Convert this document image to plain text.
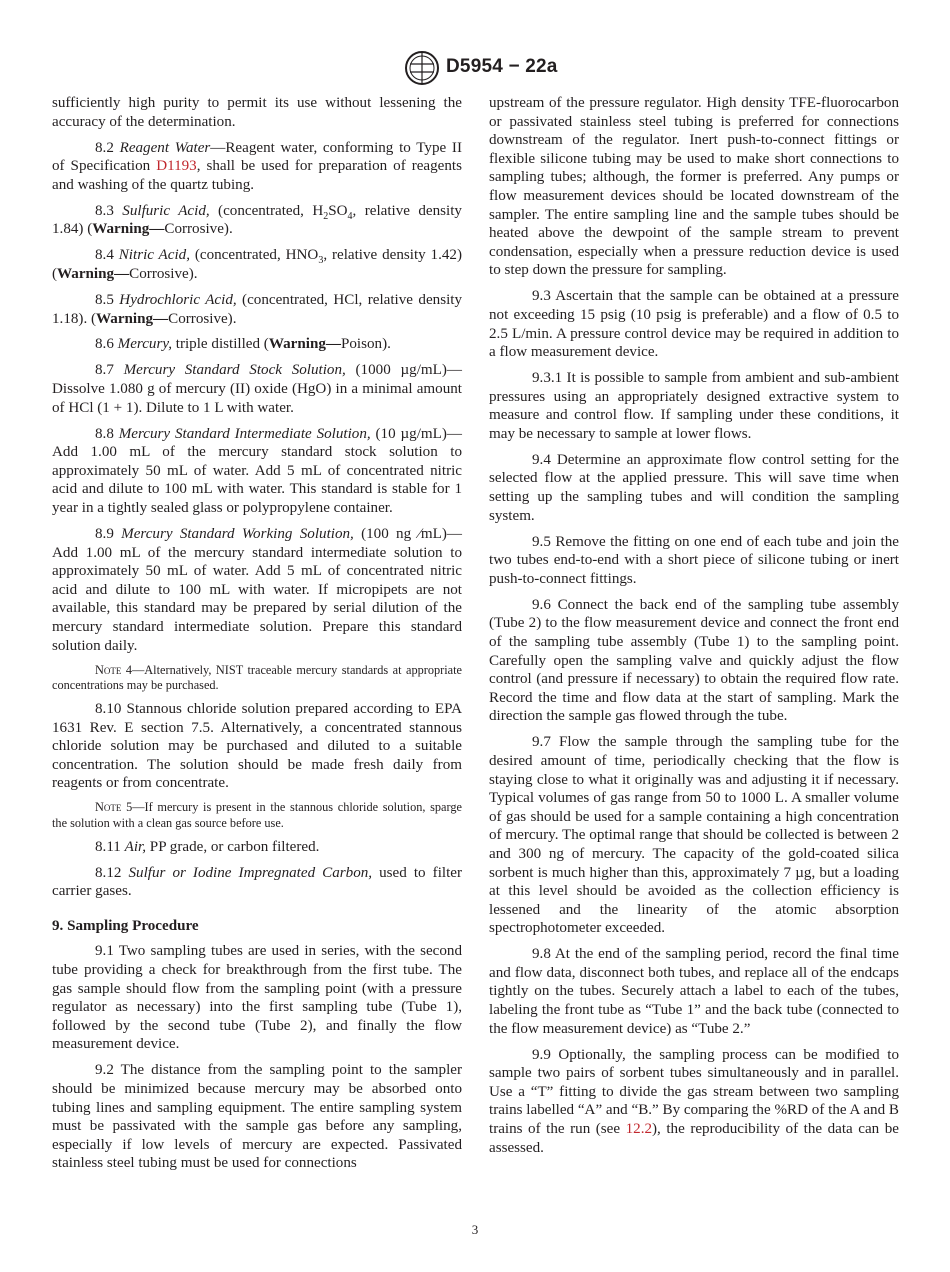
D5954 − 22a

sufficiently high purity to permit its use without lessening the accuracy of the determination.

8.2 Reagent Water—Reagent water, conforming to Type II of Specification D1193, shall be used for preparation of reagents and washing of the quartz tubing.

8.3 Sulfuric Acid, (concentrated, $H_2SO_4$, relative density 1.84) (Warning—Corrosive).

8.4 Nitric Acid, (concentrated, $HNO_3$, relative density 1.42) (Warning—Corrosive).

8.5 Hydrochloric Acid, (concentrated, HCl, relative density 1.18). (Warning—Corrosive).

8.6 Mercury, triple distilled (Warning—Poison).

8.7 Mercury Standard Stock Solution, (1000 µg/mL)—Dissolve 1.080 g of mercury (II) oxide (HgO) in a minimal amount of HCl (1 + 1). Dilute to 1 L with water.

8.8 Mercury Standard Intermediate Solution, (10 µg/mL)—Add 1.00 mL of the mercury standard stock solution to approximately 50 mL of water. Add 5 mL of concentrated nitric acid and dilute to 100 mL with water. This standard is stable for 1 year in a tightly sealed glass or polypropylene container.

8.9 Mercury Standard Working Solution, (100 ng ⁄mL)—Add 1.00 mL of the mercury standard intermediate solution to approximately 50 mL of water. Add 5 mL of concentrated nitric acid and dilute to 100 mL with water. If micropipets are not available, this standard may be prepared by serial dilution of the mercury standard intermediate solution. Prepare this standard solution daily.

Note 4—Alternatively, NIST traceable mercury standards at appropriate concentrations may be purchased.

8.10 Stannous chloride solution prepared according to EPA 1631 Rev. E section 7.5. Alternatively, a concentrated stannous chloride solution may be purchased and diluted to a suitable concentration. The solution should be made fresh daily from reagents or from concentrate.

Note 5—If mercury is present in the stannous chloride solution, sparge the solution with a clean gas source before use.

8.11 Air, PP grade, or carbon filtered.

8.12 Sulfur or Iodine Impregnated Carbon, used to filter carrier gases.

9. Sampling Procedure

9.1 Two sampling tubes are used in series, with the second tube providing a check for breakthrough from the first tube. The gas sample should flow from the sampling point (with a pressure regulator as necessary) into the first sampling tube (Tube 1), followed by the second tube (Tube 2), and finally the flow measurement device.

9.2 The distance from the sampling point to the sampler should be minimized because mercury may be absorbed onto tubing lines and sampling equipment. The entire sampling system must be passivated with the sample gas before any sampling, especially if low levels of mercury are expected. Passivated stainless steel tubing must be used for connections

upstream of the pressure regulator. High density TFE-fluorocarbon or passivated stainless steel tubing is preferred for connections downstream of the regulator. Inert push-to-connect fittings or flexible silicone tubing may be used to make short connections to sampling tubes; although, the former is preferred. Any pumps or flow measurement devices should be located downstream of the sampler. The entire sampling line and the sample tubes should be heated above the dewpoint of the sample stream to prevent condensation, especially when a pressure reduction device is used to step down the pressure for sampling.

9.3 Ascertain that the sample can be obtained at a pressure not exceeding 15 psig (10 psig is preferable) and a flow of 0.5 to 2.5 L/min. A pressure control device may be required in addition to a flow measurement device.

9.3.1 It is possible to sample from ambient and sub-ambient pressures using an appropriately designed extractive system to measure and control flow. If sampling under these conditions, it may be necessary to sample at lower flows.

9.4 Determine an approximate flow control setting for the selected flow at the applied pressure. This will save time when setting up the sampling tubes and will condition the sampling system.

9.5 Remove the fitting on one end of each tube and join the two tubes end-to-end with a short piece of silicone tubing or inert push-to-connect fittings.

9.6 Connect the back end of the sampling tube assembly (Tube 2) to the flow measurement device and connect the front end of the sampling tube assembly (Tube 1) to the sampling point. Carefully open the sampling valve and quickly adjust the flow control (and pressure if necessary) to obtain the required flow rate. Record the time and flow data at the start of sampling. Mark the direction the sample gas flowed through the tube.

9.7 Flow the sample through the sampling tube for the desired amount of time, periodically checking that the flow is staying close to what it originally was and adjusting it if necessary. Typical volumes of gas range from 50 to 1000 L. A smaller volume of gas should be used for a sample containing a high concentration of mercury. The optimal range that should be collected is between 2 and 300 ng of mercury. The capacity of the gold-coated silica sorbent is much higher than this, approximately 7 µg, but a loading at this level should be avoided as the collection efficiency is lessened and the linearity of the atomic absorption spectrophotometer exceeded.

9.8 At the end of the sampling period, record the final time and flow data, disconnect both tubes, and replace all of the endcaps tightly on the tubes. Securely attach a label to each of the tubes, labeling the front tube as “Tube 1” and the back tube (connected to the flow measurement device) as “Tube 2.”

9.9 Optionally, the sampling process can be modified to sample two pairs of sorbent tubes simultaneously and in parallel. Use a “T” fitting to divide the gas stream between two sampling trains labelled “A” and “B.” By comparing the %RD of the A and B trains of the run (see 12.2), the reproducibility of the data can be assessed.

3
